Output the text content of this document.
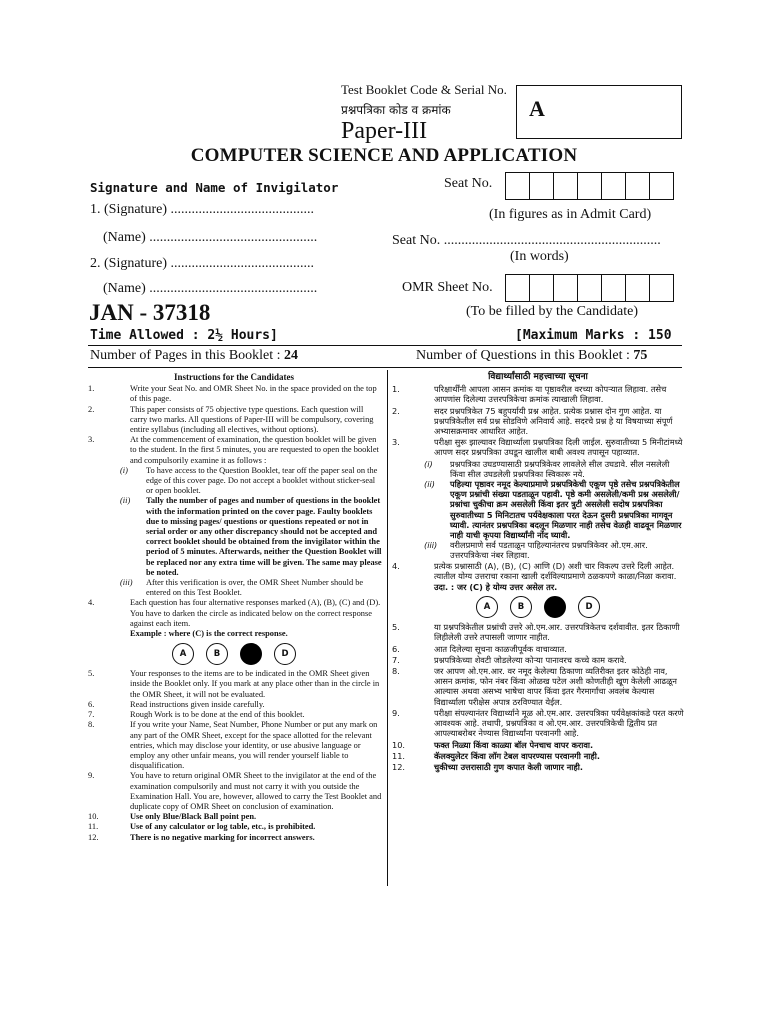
Test Booklet Code & Serial No.
प्रश्नपत्रिका कोड व क्रमांक	A
Paper-III
COMPUTER SCIENCE AND APPLICATION
Signature and Name of Invigilator
1. (Signature) .........................................
(Name) ................................................
2. (Signature) .........................................
(Name) ................................................
Seat No.
(In figures as in Admit Card)
Seat No. ..............................................................
(In words)
OMR Sheet No.
(To be filled by the Candidate)
JAN - 37318
Time Allowed : 2½ Hours]	[Maximum Marks : 150
Number of Pages in this Booklet : 24	Number of Questions in this Booklet : 75
Instructions for the Candidates
1.	Write your Seat No. and OMR Sheet No. in the space provided on the top of this page.
2.	This paper consists of 75 objective type questions. Each question will carry two marks. All questions of Paper-III will be compulsory, covering entire syllabus (including all electives, without options).
3.	At the commencement of examination, the question booklet will be given to the student. In the first 5 minutes, you are requested to open the booklet and compulsorily examine it as follows :
(i)	To have access to the Question Booklet, tear off the paper seal on the edge of this cover page. Do not accept a booklet without sticker-seal or open booklet.
(ii)	Tally the number of pages and number of questions in the booklet with the information printed on the cover page. Faulty booklets due to missing pages/ questions or questions repeated or not in serial order or any other discrepancy should not be accepted and correct booklet should be obtained from the invigilator within the period of 5 minutes. Afterwards, neither the Question Booklet will be replaced nor any extra time will be given. The same may please be noted.
(iii)	After this verification is over, the OMR Sheet Number should be entered on this Test Booklet.
4.	Each question has four alternative responses marked (A), (B), (C) and (D). You have to darken the circle as indicated below on the correct response against each item.
Example : where (C) is the correct response.
A	B	D
5.	Your responses to the items are to be indicated in the OMR Sheet given inside the Booklet only. If you mark at any place other than in the circle in the OMR Sheet, it will not be evaluated.
6.	Read instructions given inside carefully.
7.	Rough Work is to be done at the end of this booklet.
8.	If you write your Name, Seat Number, Phone Number or put any mark on any part of the OMR Sheet, except for the space allotted for the relevant entries, which may disclose your identity, or use abusive language or employ any other unfair means, you will render yourself liable to disqualification.
9.	You have to return original OMR Sheet to the invigilator at the end of the examination compulsorily and must not carry it with you outside the Examination Hall. You are, however, allowed to carry the Test Booklet and duplicate copy of OMR Sheet on conclusion of examination.
10.	Use only Blue/Black Ball point pen.
11.	Use of any calculator or log table, etc., is prohibited.
12.	There is no negative marking for incorrect answers.
विद्यार्थ्यांसाठी महत्त्वाच्या सूचना
1.	परिक्षार्थींनी आपला आसन क्रमांक या पृष्ठावरील वरच्या कोपऱ्यात लिहावा. तसेच आपणांस दिलेल्या उत्तरपत्रिकेचा क्रमांक त्याखाली लिहावा.
2.	सदर प्रश्नपत्रिकेत 75 बहुपर्यायी प्रश्न आहेत. प्रत्येक प्रश्नास दोन गुण आहेत. या प्रश्नपत्रिकेतील सर्व प्रश्न सोडविणे अनिवार्य आहे. सदरचे प्रश्न हे या विषयाच्या संपूर्ण अभ्यासक्रमावर आधारित आहेत.
3.	परीक्षा सुरू झाल्यावर विद्यार्थ्याला प्रश्नपत्रिका दिली जाईल. सुरुवातीच्या 5 मिनीटांमध्ये आपण सदर प्रश्नपत्रिका उघडून खालील बाबी अवश्य तपासून पहाव्यात.
(i)	प्रश्नपत्रिका उघडण्यासाठी प्रश्नपत्रिकेवर लावलेले सील उघडावे. सील नसलेली किंवा सील उघडलेली प्रश्नपत्रिका स्विकारू नये.
(ii)	पहिल्या पृष्ठावर नमूद केल्याप्रमाणे प्रश्नपत्रिकेची एकूण पृष्ठे तसेच प्रश्नपत्रिकेतील एकूण प्रश्नांची संख्या पडताळून पहावी. पृष्ठे कमी असलेली/कमी प्रश्न असलेली/प्रश्नांचा चुकीचा क्रम असलेली किंवा इतर त्रुटी असलेली सदोष प्रश्नपत्रिका सुरुवातीच्या 5 मिनिटातच पर्यवेक्षकाला परत देऊन दुसरी प्रश्नपत्रिका मागवून घ्यावी. त्यानंतर प्रश्नपत्रिका बदलून मिळणार नाही तसेच वेळही वाढवून मिळणार नाही याची कृपया विद्यार्थ्यांनी नोंद घ्यावी.
(iii)	वरीलप्रमाणे सर्व पडताळून पाहिल्यानंतरच प्रश्नपत्रिकेवर ओ.एम.आर. उत्तरपत्रिकेचा नंबर लिहावा.
4.	प्रत्येक प्रश्नासाठी (A), (B), (C) आणि (D) अशी चार विकल्प उत्तरे दिली आहेत. त्यातील योग्य उत्तराचा रकाना खाली दर्शविल्याप्रमाणे ठळकपणे काळा/निळा करावा.
उदा. : जर (C) हे योग्य उत्तर असेल तर.
A	B	D
5.	या प्रश्नपत्रिकेतील प्रश्नांची उत्तरे ओ.एम.आर. उत्तरपत्रिकेतच दर्शवावीत. इतर ठिकाणी लिहीलेली उत्तरे तपासली जाणार नाहीत.
6.	आत दिलेल्या सूचना काळजीपूर्वक वाचाव्यात.
7.	प्रश्नपत्रिकेच्या शेवटी जोडलेल्या कोऱ्या पानावरच कच्चे काम करावे.
8.	जर आपण ओ.एम.आर. वर नमूद केलेल्या ठिकाणा व्यतिरीक्त इतर कोठेही नाव, आसन क्रमांक, फोन नंबर किंवा ओळख पटेल अशी कोणतीही खूण केलेली आढळून आल्यास अथवा असभ्य भाषेचा वापर किंवा इतर गैरमार्गांचा अवलंब केल्यास विद्यार्थ्याला परीक्षेस अपात्र ठरविण्यात येईल.
9.	परीक्षा संपल्यानंतर विद्यार्थ्याने मूळ ओ.एम.आर. उत्तरपत्रिका पर्यवेक्षकांकडे परत करणे आवश्यक आहे. तथापी, प्रश्नपत्रिका व ओ.एम.आर. उत्तरपत्रिकेची द्वितीय प्रत आपल्याबरोबर नेण्यास विद्यार्थ्यांना परवानगी आहे.
10.	फक्त निळ्या किंवा काळ्या बॉल पेनचाच वापर करावा.
11.	कॅलक्युलेटर किंवा लॉग टेबल वापरण्यास परवानगी नाही.
12.	चुकीच्या उत्तरासाठी गुण कपात केली जाणार नाही.
